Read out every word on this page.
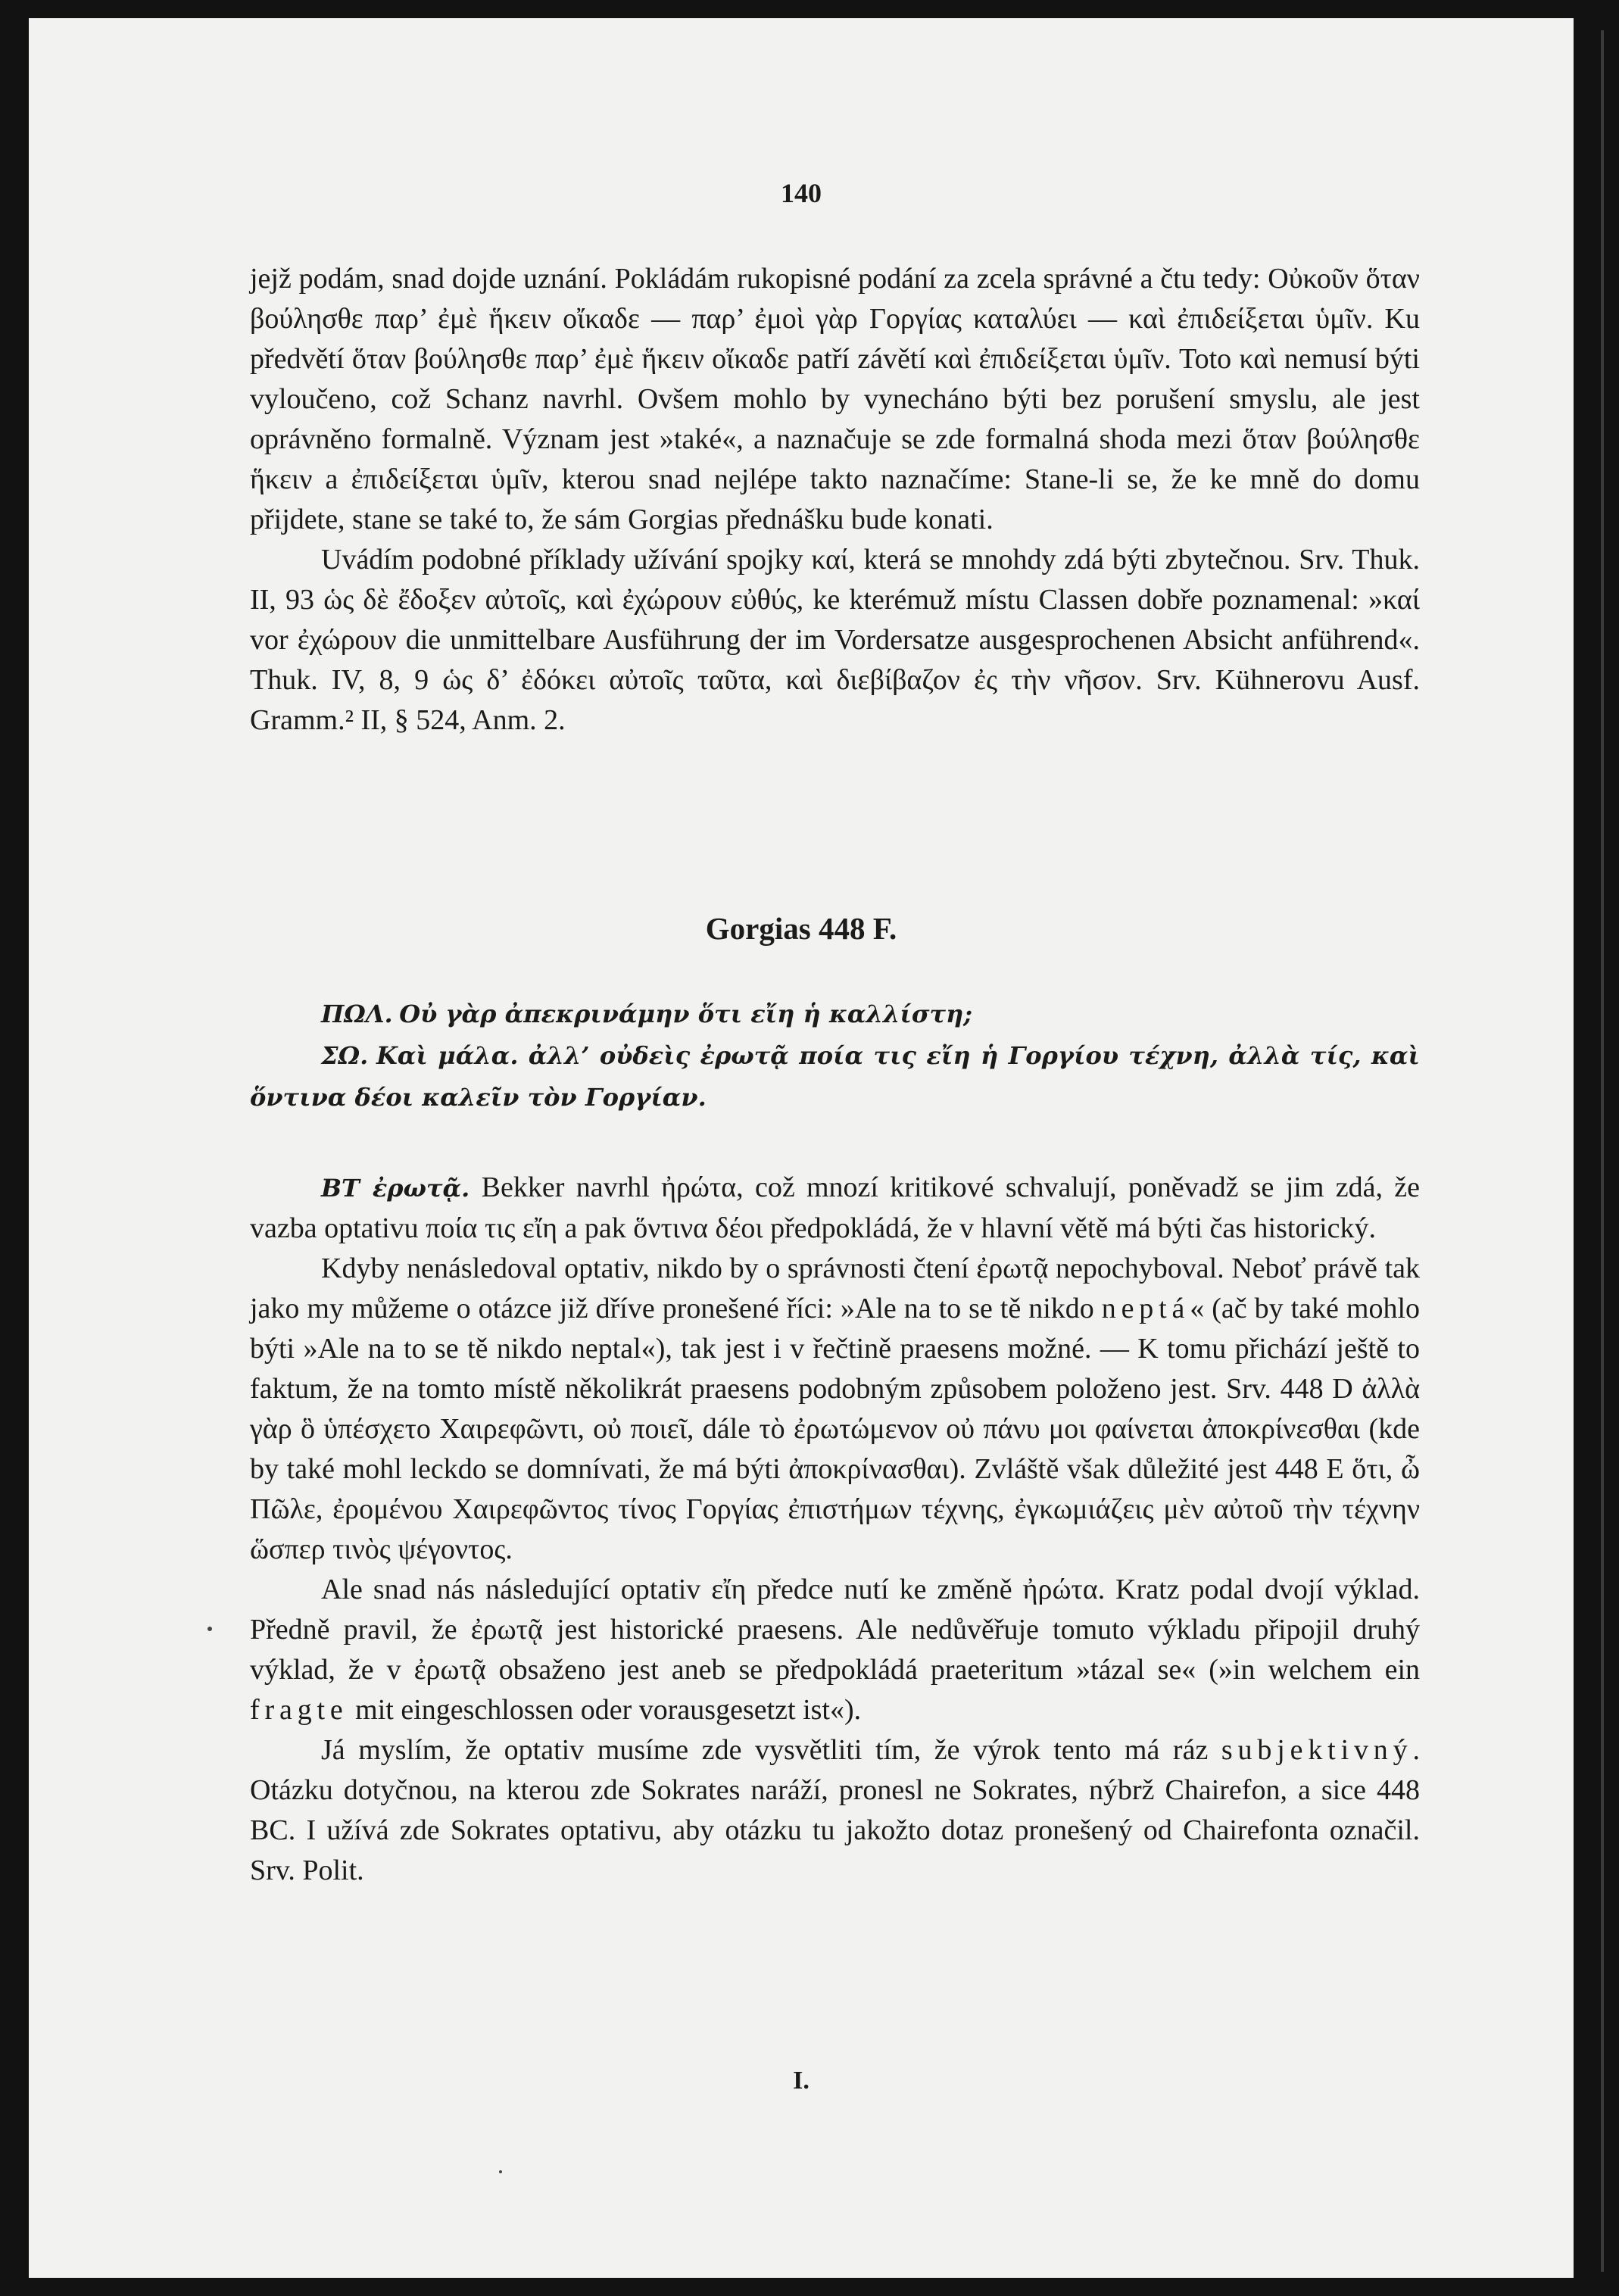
140

jejž podám, snad dojde uznání. Pokládám rukopisné podání za zcela správné a čtu tedy: Οὐκοῦν ὅταν βούλησθε παρ’ ἐμὲ ἥκειν οἴκαδε — παρ’ ἐμοὶ γὰρ Γοργίας καταλύει — καὶ ἐπιδείξεται ὑμῖν. Ku předvětí ὅταν βούλησθε παρ’ ἐμὲ ἥκειν οἴκαδε patří závětí καὶ ἐπιδείξεται ὑμῖν. Toto καὶ nemusí býti vyloučeno, což Schanz navrhl. Ovšem mohlo by vynecháno býti bez porušení smyslu, ale jest oprávněno formalně. Význam jest »také«, a naznačuje se zde formalná shoda mezi ὅταν βούλησθε ἥκειν a ἐπιδείξεται ὑμῖν, kterou snad nejlépe takto naznačíme: Stane-li se, že ke mně do domu přijdete, stane se také to, že sám Gorgias přednášku bude konati.

Uvádím podobné příklady užívání spojky καί, která se mnohdy zdá býti zbytečnou. Srv. Thuk. II, 93 ὡς δὲ ἔδοξεν αὐτοῖς, καὶ ἐχώρουν εὐθύς, ke kterémuž místu Classen dobře poznamenal: »καί vor ἐχώρουν die unmittelbare Ausführung der im Vordersatze ausgesprochenen Absicht anführend«. Thuk. IV, 8, 9 ὡς δ’ ἐδόκει αὐτοῖς ταῦτα, καὶ διεβίβαζον ἐς τὴν νῆσον. Srv. Kühnerovu Ausf. Gramm.² II, § 524, Anm. 2.

Gorgias 448 F.

ΠΩΛ. Οὐ γὰρ ἀπεκρινάμην ὅτι εἴη ἡ καλλίστη;

ΣΩ. Καὶ μάλα. ἀλλ’ οὐδεὶς ἐρωτᾷ ποία τις εἴη ἡ Γοργίου τέχνη, ἀλλὰ τίς, καὶ ὅντινα δέοι καλεῖν τὸν Γοργίαν.

BT ἐρωτᾷ. Bekker navrhl ἠρώτα, což mnozí kritikové schvalují, poněvadž se jim zdá, že vazba optativu ποία τις εἴη a pak ὅντινα δέοι předpokládá, že v hlavní větě má býti čas historický.

Kdyby nenásledoval optativ, nikdo by o správnosti čtení ἐρωτᾷ nepochyboval. Neboť právě tak jako my můžeme o otázce již dříve pronešené říci: »Ale na to se tě nikdo neptá« (ač by také mohlo býti »Ale na to se tě nikdo neptal«), tak jest i v řečtině praesens možné. — K tomu přichází ještě to faktum, že na tomto místě několikrát praesens podobným způsobem položeno jest. Srv. 448 D ἀλλὰ γὰρ ὃ ὑπέσχετο Χαιρεφῶντι, οὐ ποιεῖ, dále τὸ ἐρωτώμενον οὐ πάνυ μοι φαίνεται ἀποκρίνεσθαι (kde by také mohl leckdo se domnívati, že má býti ἀποκρίνασθαι). Zvláště však důležité jest 448 E ὅτι, ὦ Πῶλε, ἐρομένου Χαιρεφῶντος τίνος Γοργίας ἐπιστήμων τέχνης, ἐγκωμιάζεις μὲν αὐτοῦ τὴν τέχνην ὥσπερ τινὸς ψέγοντος.

Ale snad nás následující optativ εἴη předce nutí ke změně ἠρώτα. Kratz podal dvojí výklad. Předně pravil, že ἐρωτᾷ jest historické praesens. Ale nedůvěřuje tomuto výkladu připojil druhý výklad, že v ἐρωτᾷ obsaženo jest aneb se předpokládá praeteritum »tázal se« (»in welchem ein fragte mit eingeschlossen oder vorausgesetzt ist«).

Já myslím, že optativ musíme zde vysvětliti tím, že výrok tento má ráz subjektivný. Otázku dotyčnou, na kterou zde Sokrates naráží, pronesl ne Sokrates, nýbrž Chairefon, a sice 448 BC. I užívá zde Sokrates optativu, aby otázku tu jakožto dotaz pronešený od Chairefonta označil. Srv. Polit.

I.
